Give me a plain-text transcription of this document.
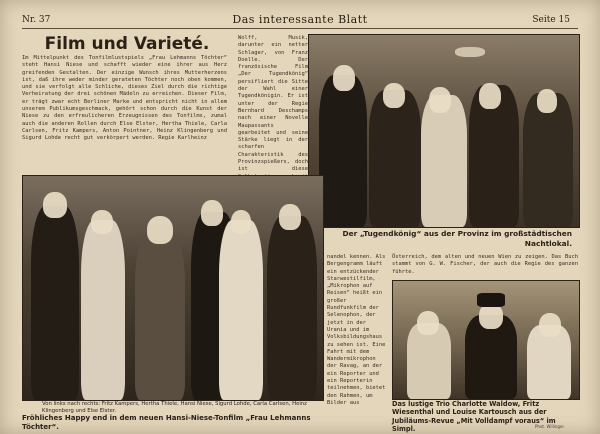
Nr. 37	Das interessante Blatt	Seite 15
Film und Varieté.
Im Mittelpunkt des Tonfilmlustspiels „Frau Lehmanns Töchter“ steht Hansi Niese und schafft wieder eine ihrer aus Herz greifenden Gestalten. Der einzige Wunsch ihres Mutterherzens ist, daß ihre weder minder gerateten Töchter noch oben kommen, und sie verfolgt alle Schliche, dieses Ziel durch die richtige Verheiratung der drei schönen Mädeln zu erreichen. Dieser Film, er trägt zwar echt Berliner Marke und entspricht nicht in allem unserem Publikumsgeschmack, gehört schon durch die Kunst der Niese zu den erfreulicheren Erzeugnissen des Tonfilms, zumal auch die anderen Rollen durch Else Elster, Hertha Thiele, Carla Carlsen, Fritz Kampers, Anton Pointner, Heinz Klingenberg und Sigurd Lohde recht gut verkörpert werden. Regie Karlheinz
Wolff, Musik, darunter ein netter Schlager, von Franz Doelle. Der französische Film „Der Tugendkönig“ persifliert die Sitte der Wahl einer Tugendkönigin. Er ist unter der Regie Bernhard Deschamps nach einer Novelle Maupassants gearbeitet und seine Stärke liegt in der scharfen Charakteristik des Provinzspießers, doch ist diese
Der „Tugendkönig“ aus der Provinz im großstädtischen Nachtlokal.
Von links nach rechts: Fritz Kampers, Hertha Thiele, Hansi Niese, Sigurd Lohde, Carla Carlsen, Heinz Klingenberg und Else Elster.
Fröhliches Happy end in dem neuen Hansi-Niese-Tonfilm „Frau Lehmanns Töchter“.
nandel kennen. Als Bergengramm läuft ein entzückender Starwestilfilm, „Mikrophon auf Reisen“ heißt ein großer Rundfunkfilm der Selenophon, der jetzt in der Urania und im Volksbildungshaus zu sehen ist. Eine Fahrt mit dem Wandermikrophon der Ravag, an der ein Reporter und ein Reporterin teilnehmen, bietet den Rahmen, um Bilder aus
Österreich, dem alten und neuen Wien zu zeigen. Das Buch stammt von G. W. Fischer, der auch die Regie des ganzen führte.
Das lustige Trio Charlotte Waldow, Fritz Wiesenthal und Louise Kartousch aus der Jubiläums-Revue „Mit Volldampf voraus“ im Simpl.	Phot. Willinger.
